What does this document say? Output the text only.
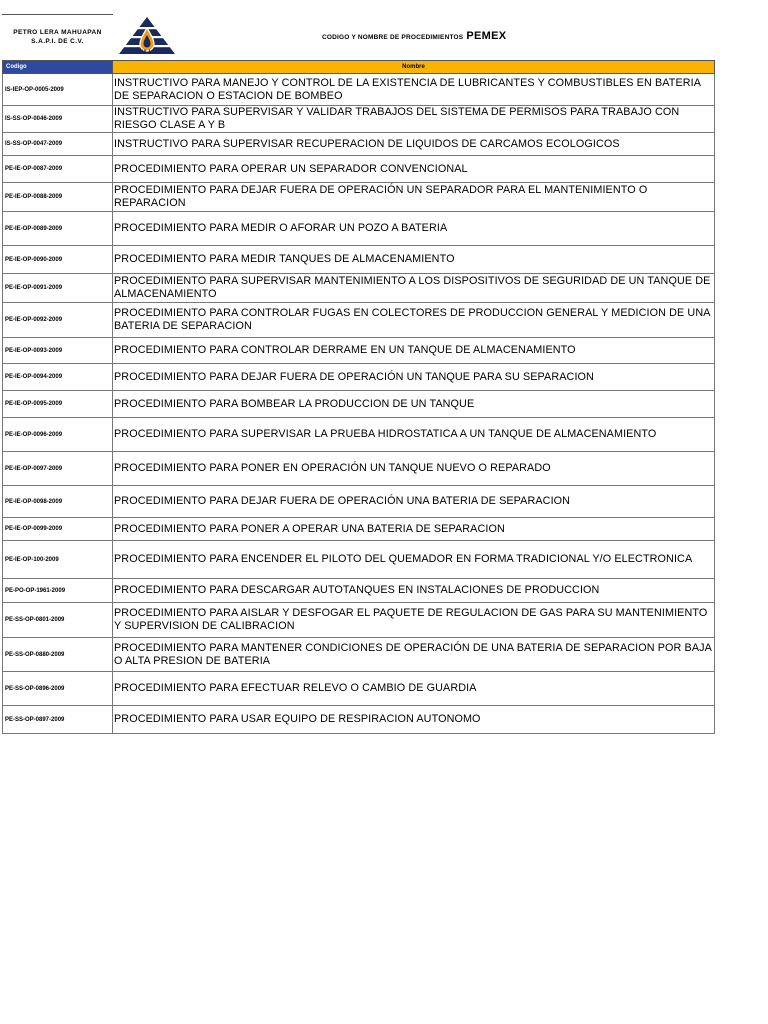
PETRO LERA MAHUAPAN
S.A.P.I. DE C.V.
PEMISA
CODIGO Y NOMBRE DE PROCEDIMIENTOS PEMEX
Codigo	Nombre
IS-IEP-OP-0005-2009	INSTRUCTIVO PARA MANEJO Y CONTROL DE LA EXISTENCIA DE LUBRICANTES Y COMBUSTIBLES EN BATERIA DE SEPARACION O ESTACION DE BOMBEO
IS-SS-OP-0046-2009	INSTRUCTIVO PARA SUPERVISAR Y VALIDAR TRABAJOS DEL SISTEMA DE PERMISOS PARA TRABAJO CON RIESGO CLASE A Y B
IS-SS-OP-0047-2009	INSTRUCTIVO PARA SUPERVISAR RECUPERACION DE LIQUIDOS DE CARCAMOS ECOLOGICOS
PE-IE-OP-0087-2009	PROCEDIMIENTO PARA OPERAR UN SEPARADOR CONVENCIONAL
PE-IE-OP-0088-2009	PROCEDIMIENTO PARA DEJAR FUERA DE OPERACIÓN UN SEPARADOR PARA EL MANTENIMIENTO O REPARACION
PE-IE-OP-0089-2009	PROCEDIMIENTO PARA MEDIR O AFORAR UN POZO A BATERIA
PE-IE-OP-0090-2009	PROCEDIMIENTO PARA MEDIR TANQUES DE ALMACENAMIENTO
PE-IE-OP-0091-2009	PROCEDIMIENTO PARA SUPERVISAR MANTENIMIENTO A LOS DISPOSITIVOS DE SEGURIDAD DE UN TANQUE DE ALMACENAMIENTO
PE-IE-OP-0092-2009	PROCEDIMIENTO PARA CONTROLAR FUGAS EN COLECTORES DE PRODUCCION GENERAL Y MEDICION DE UNA BATERIA DE SEPARACION
PE-IE-OP-0093-2009	PROCEDIMIENTO PARA CONTROLAR DERRAME EN UN TANQUE DE ALMACENAMIENTO
PE-IE-OP-0094-2009	PROCEDIMIENTO PARA DEJAR FUERA DE OPERACIÓN UN TANQUE PARA SU SEPARACION
PE-IE-OP-0095-2009	PROCEDIMIENTO PARA BOMBEAR LA PRODUCCION DE UN TANQUE
PE-IE-OP-0096-2009	PROCEDIMIENTO PARA SUPERVISAR LA PRUEBA HIDROSTATICA A UN TANQUE DE ALMACENAMIENTO
PE-IE-OP-0097-2009	PROCEDIMIENTO PARA PONER EN OPERACIÓN UN TANQUE NUEVO O REPARADO
PE-IE-OP-0098-2009	PROCEDIMIENTO PARA DEJAR FUERA DE OPERACIÓN UNA BATERIA DE SEPARACION
PE-IE-OP-0099-2009	PROCEDIMIENTO PARA PONER A OPERAR UNA BATERIA DE SEPARACION
PE-IE-OP-100-2009	PROCEDIMIENTO PARA ENCENDER EL PILOTO DEL QUEMADOR EN FORMA TRADICIONAL Y/O ELECTRONICA
PE-PO-OP-1961-2009	PROCEDIMIENTO PARA DESCARGAR AUTOTANQUES EN INSTALACIONES DE PRODUCCION
PE-SS-OP-0801-2009	PROCEDIMIENTO PARA AISLAR Y DESFOGAR EL PAQUETE DE REGULACION DE GAS PARA SU MANTENIMIENTO Y SUPERVISION DE CALIBRACION
PE-SS-OP-0880-2009	PROCEDIMIENTO PARA MANTENER CONDICIONES DE OPERACIÓN DE UNA BATERIA DE SEPARACION POR BAJA O ALTA PRESION DE BATERIA
PE-SS-OP-0896-2009	PROCEDIMIENTO PARA EFECTUAR RELEVO O CAMBIO DE GUARDIA
PE-SS-OP-0897-2009	PROCEDIMIENTO PARA USAR EQUIPO DE RESPIRACION AUTONOMO
